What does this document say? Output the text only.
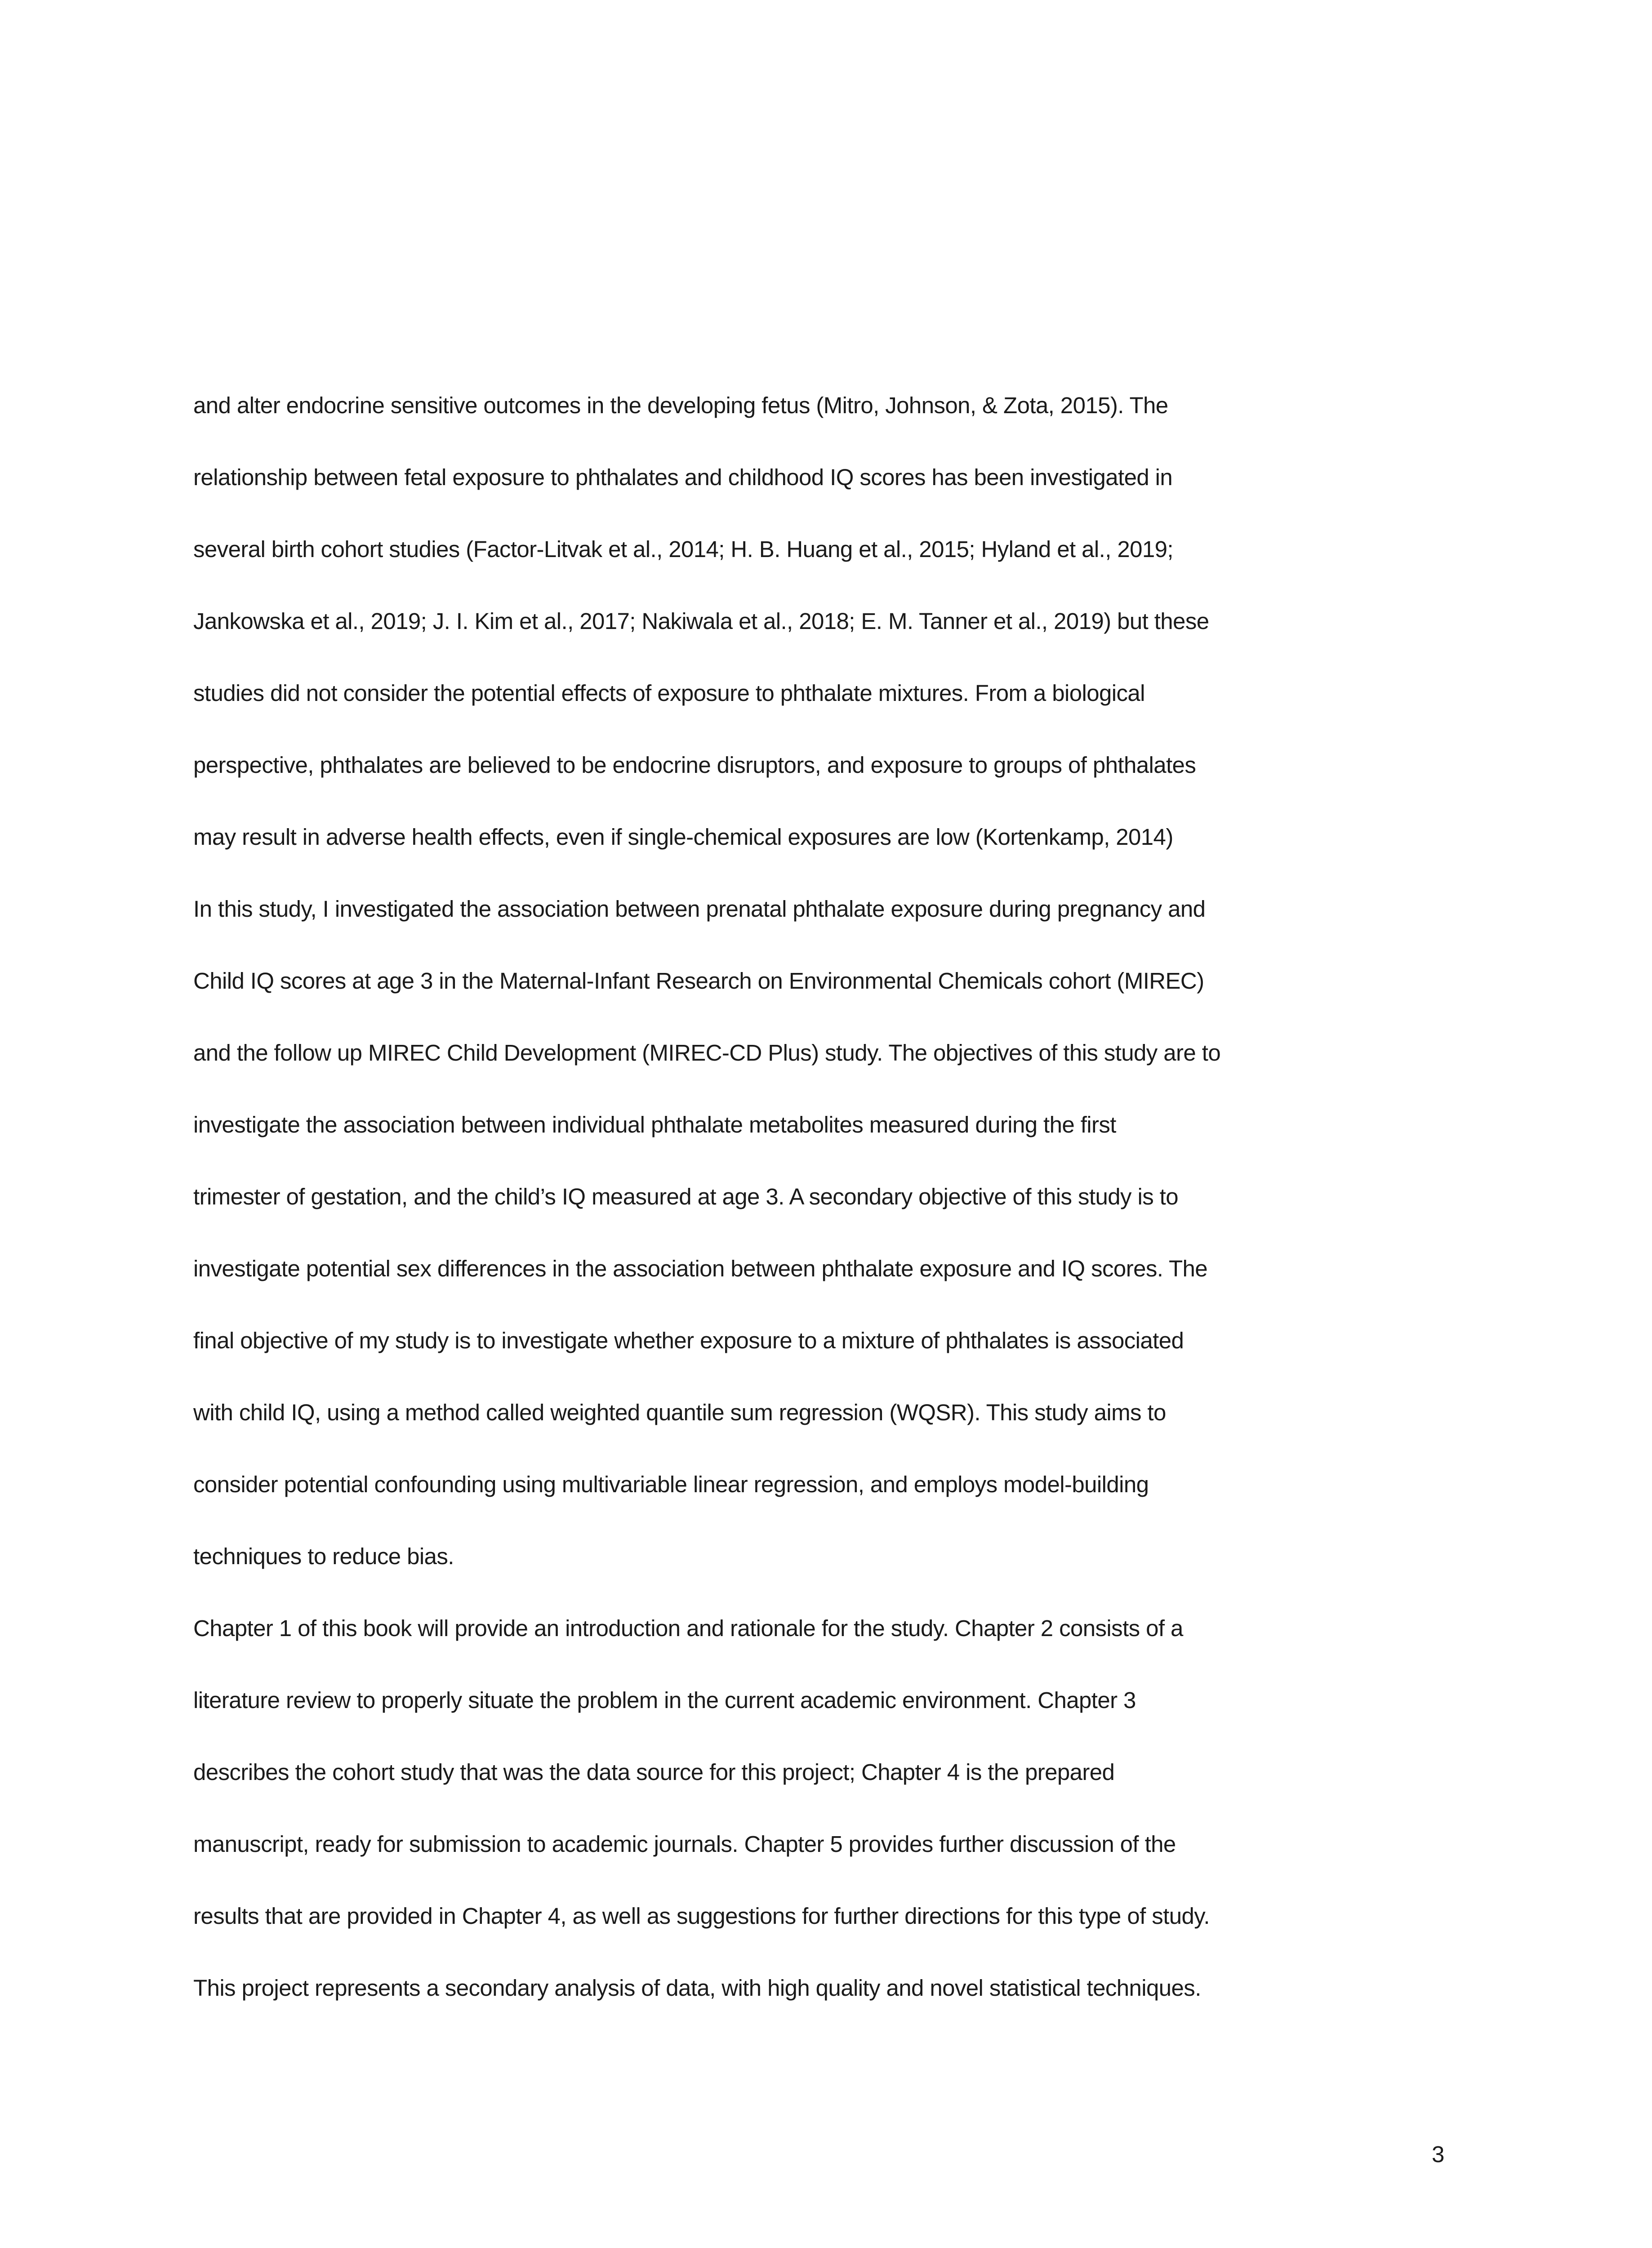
and alter endocrine sensitive outcomes in the developing fetus (Mitro, Johnson, & Zota, 2015). The
relationship between fetal exposure to phthalates and childhood IQ scores has been investigated in
several birth cohort studies (Factor-Litvak et al., 2014; H. B. Huang et al., 2015; Hyland et al., 2019;
Jankowska et al., 2019; J. I. Kim et al., 2017; Nakiwala et al., 2018; E. M. Tanner et al., 2019) but these
studies did not consider the potential effects of exposure to phthalate mixtures. From a biological
perspective, phthalates are believed to be endocrine disruptors, and exposure to groups of phthalates
may result in adverse health effects, even if single-chemical exposures are low (Kortenkamp, 2014)

In this study, I investigated the association between prenatal phthalate exposure during pregnancy and
Child IQ scores at age 3 in the Maternal-Infant Research on Environmental Chemicals cohort (MIREC)
and the follow up MIREC Child Development (MIREC-CD Plus) study. The objectives of this study are to
investigate the association between individual phthalate metabolites measured during the first
trimester of gestation, and the child’s IQ measured at age 3. A secondary objective of this study is to
investigate potential sex differences in the association between phthalate exposure and IQ scores. The
final objective of my study is to investigate whether exposure to a mixture of phthalates is associated
with child IQ, using a method called weighted quantile sum regression (WQSR). This study aims to
consider potential confounding using multivariable linear regression, and employs model-building
techniques to reduce bias.

Chapter 1 of this book will provide an introduction and rationale for the study. Chapter 2 consists of a
literature review to properly situate the problem in the current academic environment. Chapter 3
describes the cohort study that was the data source for this project; Chapter 4 is the prepared
manuscript, ready for submission to academic journals. Chapter 5 provides further discussion of the
results that are provided in Chapter 4, as well as suggestions for further directions for this type of study.
This project represents a secondary analysis of data, with high quality and novel statistical techniques.

3
